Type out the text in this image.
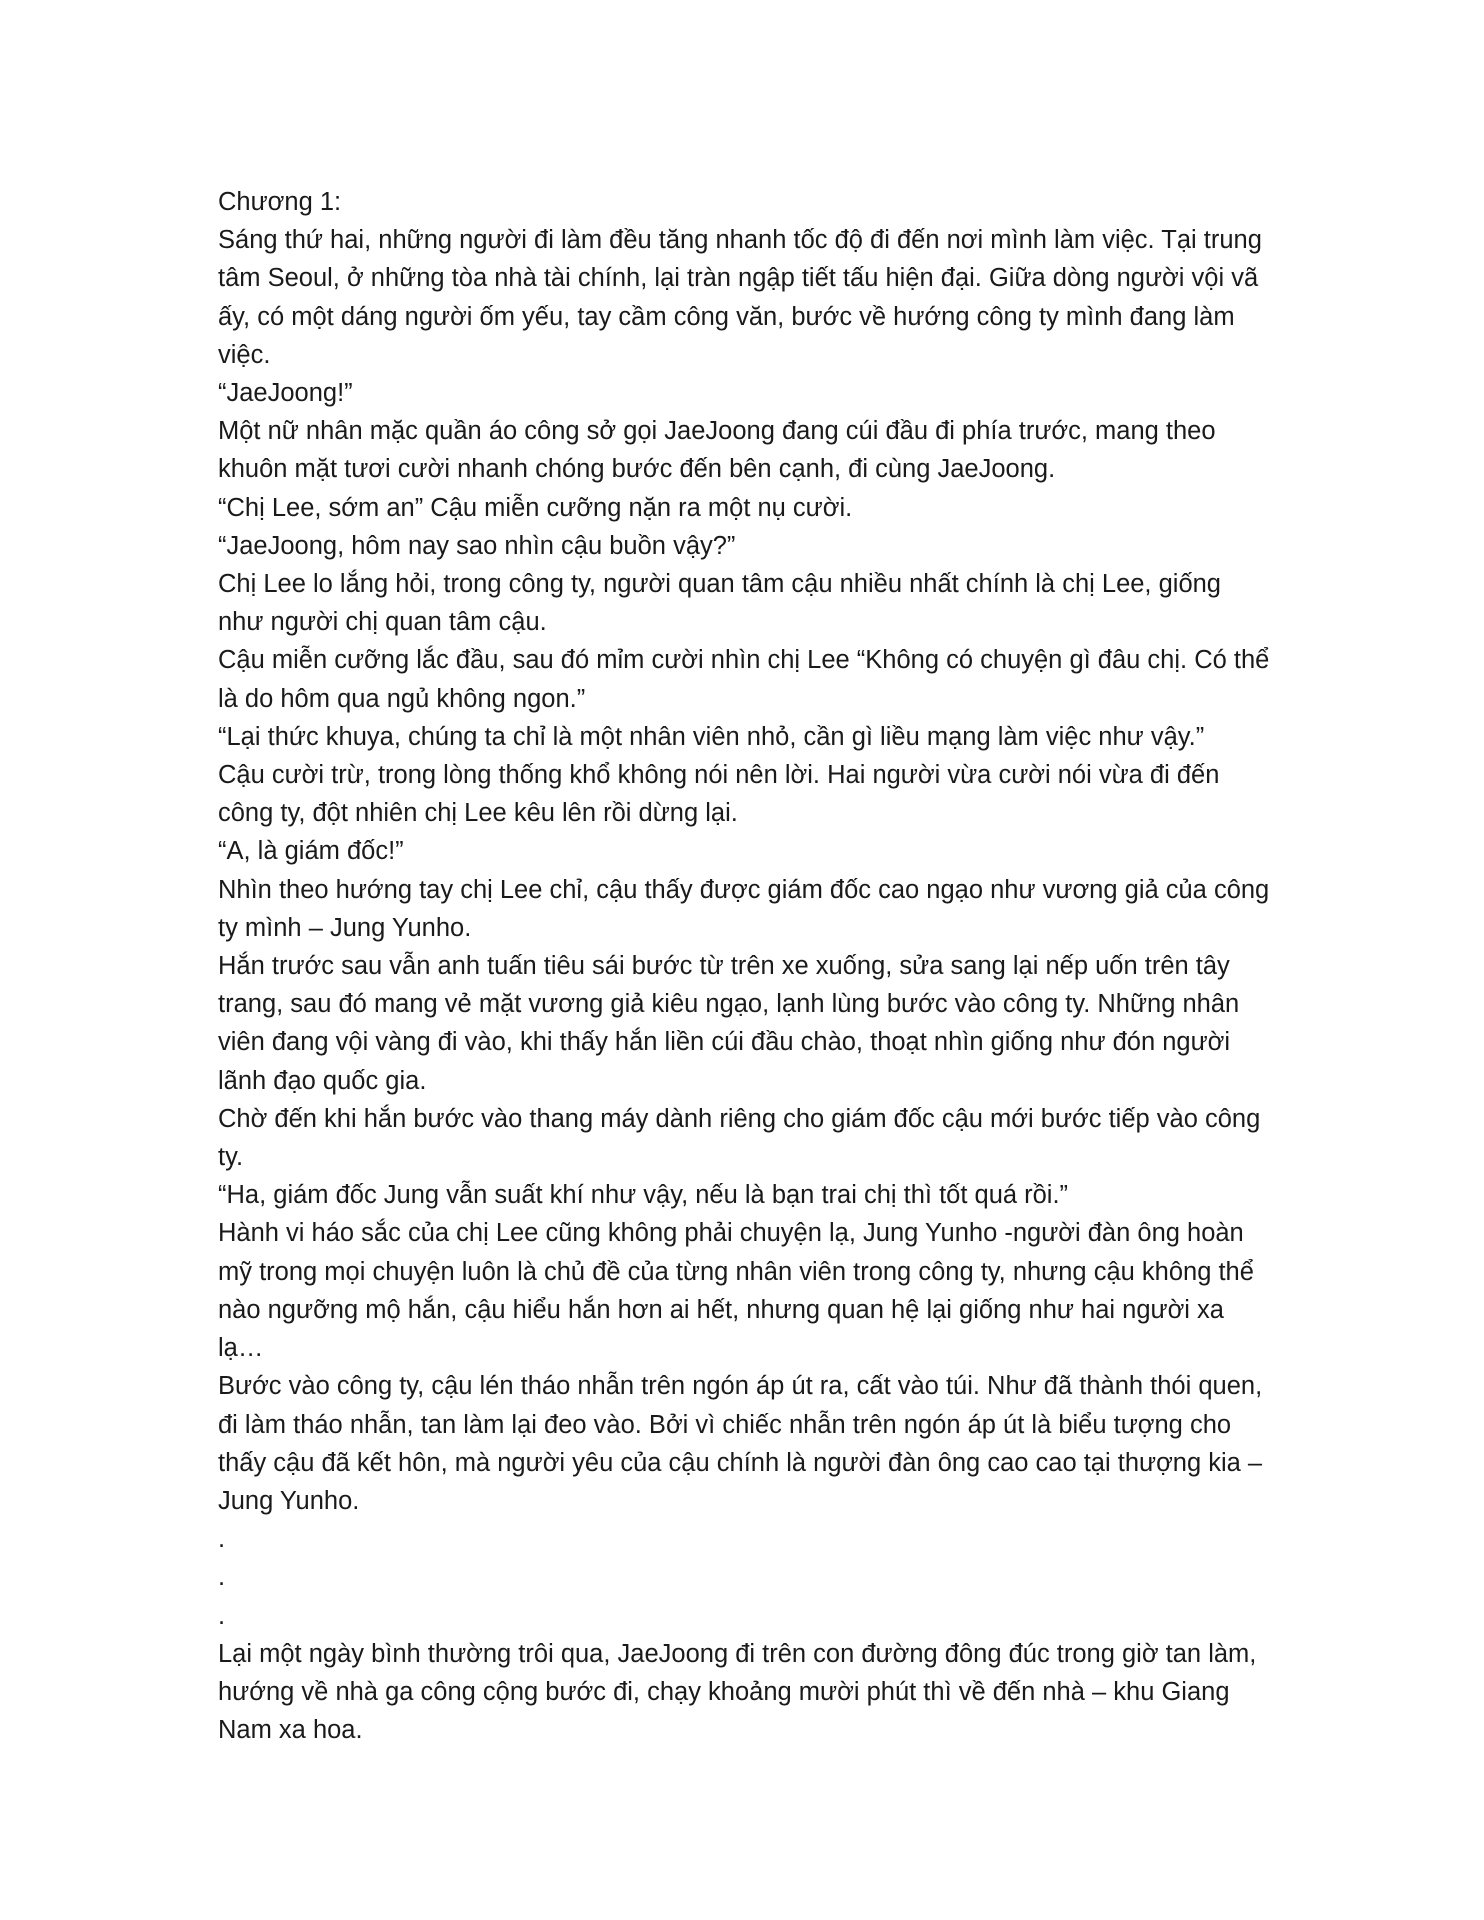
Chương 1:

Sáng thứ hai, những người đi làm đều tăng nhanh tốc độ đi đến nơi mình làm việc. Tại trung tâm Seoul, ở những tòa nhà tài chính, lại tràn ngập tiết tấu hiện đại. Giữa dòng người vội vã ấy, có một dáng người ốm yếu, tay cầm công văn, bước về hướng công ty mình đang làm việc.

“JaeJoong!”

Một nữ nhân mặc quần áo công sở gọi JaeJoong đang cúi đầu đi phía trước, mang theo khuôn mặt tươi cười nhanh chóng bước đến bên cạnh, đi cùng JaeJoong.

“Chị Lee, sớm an” Cậu miễn cưỡng nặn ra một nụ cười.

“JaeJoong, hôm nay sao nhìn cậu buồn vậy?”

Chị Lee lo lắng hỏi, trong công ty, người quan tâm cậu nhiều nhất chính là chị Lee, giống như người chị quan tâm cậu.

Cậu miễn cưỡng lắc đầu, sau đó mỉm cười nhìn chị Lee “Không có chuyện gì đâu chị. Có thể là do hôm qua ngủ không ngon.”

“Lại thức khuya, chúng ta chỉ là một nhân viên nhỏ, cần gì liều mạng làm việc như vậy.”

Cậu cười trừ, trong lòng thống khổ không nói nên lời. Hai người vừa cười nói vừa đi đến công ty, đột nhiên chị Lee kêu lên rồi dừng lại.

“A, là giám đốc!”

Nhìn theo hướng tay chị Lee chỉ, cậu thấy được giám đốc cao ngạo như vương giả của công ty mình – Jung Yunho.

Hắn trước sau vẫn anh tuấn tiêu sái bước từ trên xe xuống, sửa sang lại nếp uốn trên tây trang, sau đó mang vẻ mặt vương giả kiêu ngạo, lạnh lùng bước vào công ty. Những nhân viên đang vội vàng đi vào, khi thấy hắn liền cúi đầu chào, thoạt nhìn giống như đón người lãnh đạo quốc gia.

Chờ đến khi hắn bước vào thang máy dành riêng cho giám đốc cậu mới bước tiếp vào công ty.

“Ha, giám đốc Jung vẫn suất khí như vậy, nếu là bạn trai chị thì tốt quá rồi.”

Hành vi háo sắc của chị Lee cũng không phải chuyện lạ, Jung Yunho -người đàn ông hoàn mỹ trong mọi chuyện luôn là chủ đề của từng nhân viên trong công ty, nhưng cậu không thể nào ngưỡng mộ hắn, cậu hiểu hắn hơn ai hết, nhưng quan hệ lại giống như hai người xa lạ…

Bước vào công ty, cậu lén tháo nhẫn trên ngón áp út ra, cất vào túi. Như đã thành thói quen, đi làm tháo nhẫn, tan làm lại đeo vào. Bởi vì chiếc nhẫn trên ngón áp út là biểu tượng cho thấy cậu đã kết hôn, mà người yêu của cậu chính là người đàn ông cao cao tại thượng kia – Jung Yunho.

.

.

.

Lại một ngày bình thường trôi qua, JaeJoong đi trên con đường đông đúc trong giờ tan làm, hướng về nhà ga công cộng bước đi, chạy khoảng mười phút thì về đến nhà – khu Giang Nam xa hoa.
